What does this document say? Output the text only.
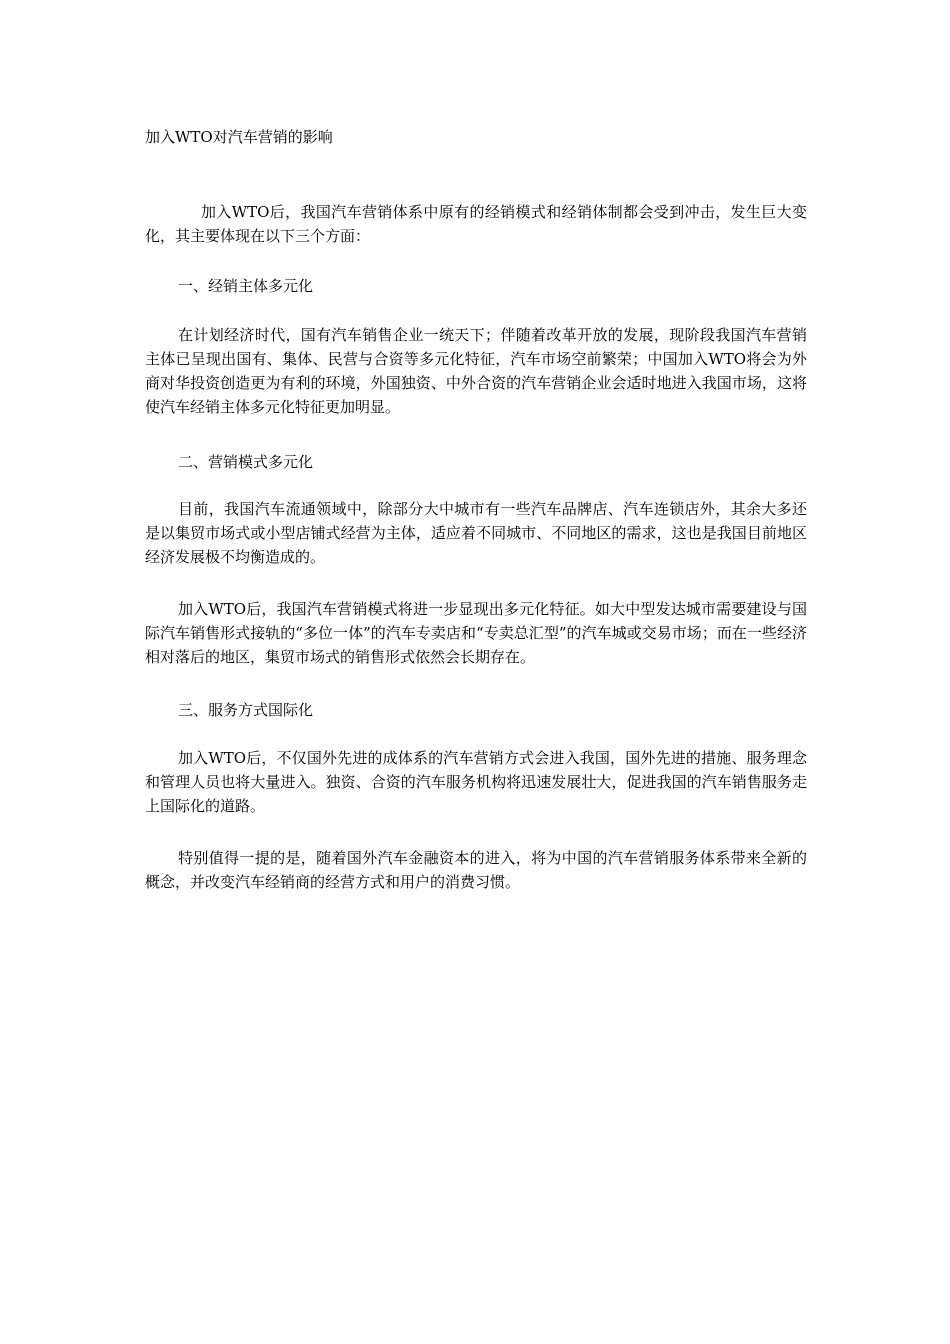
加入WTO对汽车营销的影响

加入WTO后，我国汽车营销体系中原有的经销模式和经销体制都会受到冲击，发生巨大变化，其主要体现在以下三个方面：

一、经销主体多元化

在计划经济时代，国有汽车销售企业一统天下；伴随着改革开放的发展，现阶段我国汽车营销主体已呈现出国有、集体、民营与合资等多元化特征，汽车市场空前繁荣；中国加入WTO将会为外商对华投资创造更为有利的环境，外国独资、中外合资的汽车营销企业会适时地进入我国市场，这将使汽车经销主体多元化特征更加明显。

二、营销模式多元化

目前，我国汽车流通领域中，除部分大中城市有一些汽车品牌店、汽车连锁店外，其余大多还是以集贸市场式或小型店铺式经营为主体，适应着不同城市、不同地区的需求，这也是我国目前地区经济发展极不均衡造成的。

加入WTO后，我国汽车营销模式将进一步显现出多元化特征。如大中型发达城市需要建设与国际汽车销售形式接轨的“多位一体”的汽车专卖店和“专卖总汇型”的汽车城或交易市场；而在一些经济相对落后的地区，集贸市场式的销售形式依然会长期存在。

三、服务方式国际化

加入WTO后，不仅国外先进的成体系的汽车营销方式会进入我国，国外先进的措施、服务理念和管理人员也将大量进入。独资、合资的汽车服务机构将迅速发展壮大，促进我国的汽车销售服务走上国际化的道路。

特别值得一提的是，随着国外汽车金融资本的进入，将为中国的汽车营销服务体系带来全新的概念，并改变汽车经销商的经营方式和用户的消费习惯。
